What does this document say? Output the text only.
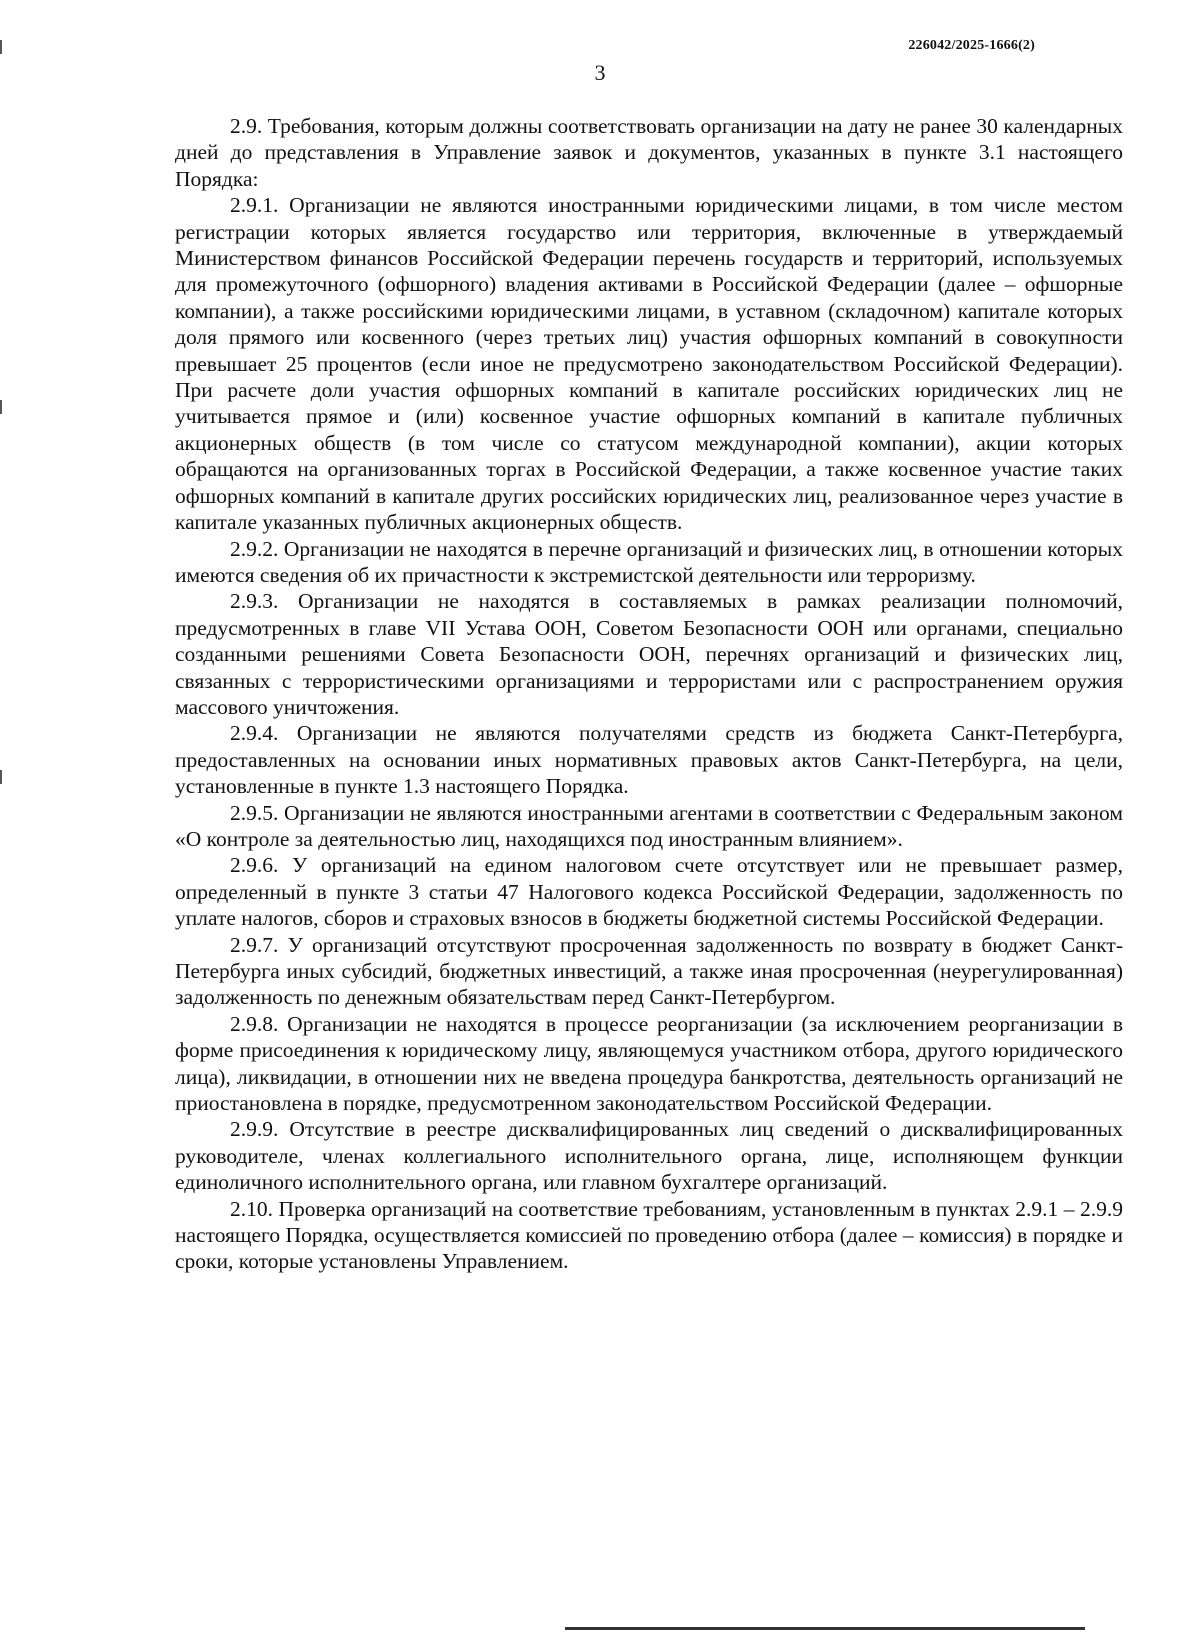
226042/2025-1666(2)
3

2.9. Требования, которым должны соответствовать организации на дату не ранее 30 календарных дней до представления в Управление заявок и документов, указанных в пункте 3.1 настоящего Порядка:

2.9.1. Организации не являются иностранными юридическими лицами, в том числе местом регистрации которых является государство или территория, включенные в утверждаемый Министерством финансов Российской Федерации перечень государств и территорий, используемых для промежуточного (офшорного) владения активами в Российской Федерации (далее – офшорные компании), а также российскими юридическими лицами, в уставном (складочном) капитале которых доля прямого или косвенного (через третьих лиц) участия офшорных компаний в совокупности превышает 25 процентов (если иное не предусмотрено законодательством Российской Федерации). При расчете доли участия офшорных компаний в капитале российских юридических лиц не учитывается прямое и (или) косвенное участие офшорных компаний в капитале публичных акционерных обществ (в том числе со статусом международной компании), акции которых обращаются на организованных торгах в Российской Федерации, а также косвенное участие таких офшорных компаний в капитале других российских юридических лиц, реализованное через участие в капитале указанных публичных акционерных обществ.

2.9.2. Организации не находятся в перечне организаций и физических лиц, в отношении которых имеются сведения об их причастности к экстремистской деятельности или терроризму.

2.9.3. Организации не находятся в составляемых в рамках реализации полномочий, предусмотренных в главе VII Устава ООН, Советом Безопасности ООН или органами, специально созданными решениями Совета Безопасности ООН, перечнях организаций и физических лиц, связанных с террористическими организациями и террористами или с распространением оружия массового уничтожения.

2.9.4. Организации не являются получателями средств из бюджета Санкт-Петербурга, предоставленных на основании иных нормативных правовых актов Санкт-Петербурга, на цели, установленные в пункте 1.3 настоящего Порядка.

2.9.5. Организации не являются иностранными агентами в соответствии с Федеральным законом «О контроле за деятельностью лиц, находящихся под иностранным влиянием».

2.9.6. У организаций на едином налоговом счете отсутствует или не превышает размер, определенный в пункте 3 статьи 47 Налогового кодекса Российской Федерации, задолженность по уплате налогов, сборов и страховых взносов в бюджеты бюджетной системы Российской Федерации.

2.9.7. У организаций отсутствуют просроченная задолженность по возврату в бюджет Санкт-Петербурга иных субсидий, бюджетных инвестиций, а также иная просроченная (неурегулированная) задолженность по денежным обязательствам перед Санкт-Петербургом.

2.9.8. Организации не находятся в процессе реорганизации (за исключением реорганизации в форме присоединения к юридическому лицу, являющемуся участником отбора, другого юридического лица), ликвидации, в отношении них не введена процедура банкротства, деятельность организаций не приостановлена в порядке, предусмотренном законодательством Российской Федерации.

2.9.9. Отсутствие в реестре дисквалифицированных лиц сведений о дисквалифицированных руководителе, членах коллегиального исполнительного органа, лице, исполняющем функции единоличного исполнительного органа, или главном бухгалтере организаций.

2.10. Проверка организаций на соответствие требованиям, установленным в пунктах 2.9.1 – 2.9.9 настоящего Порядка, осуществляется комиссией по проведению отбора (далее – комиссия) в порядке и сроки, которые установлены Управлением.
